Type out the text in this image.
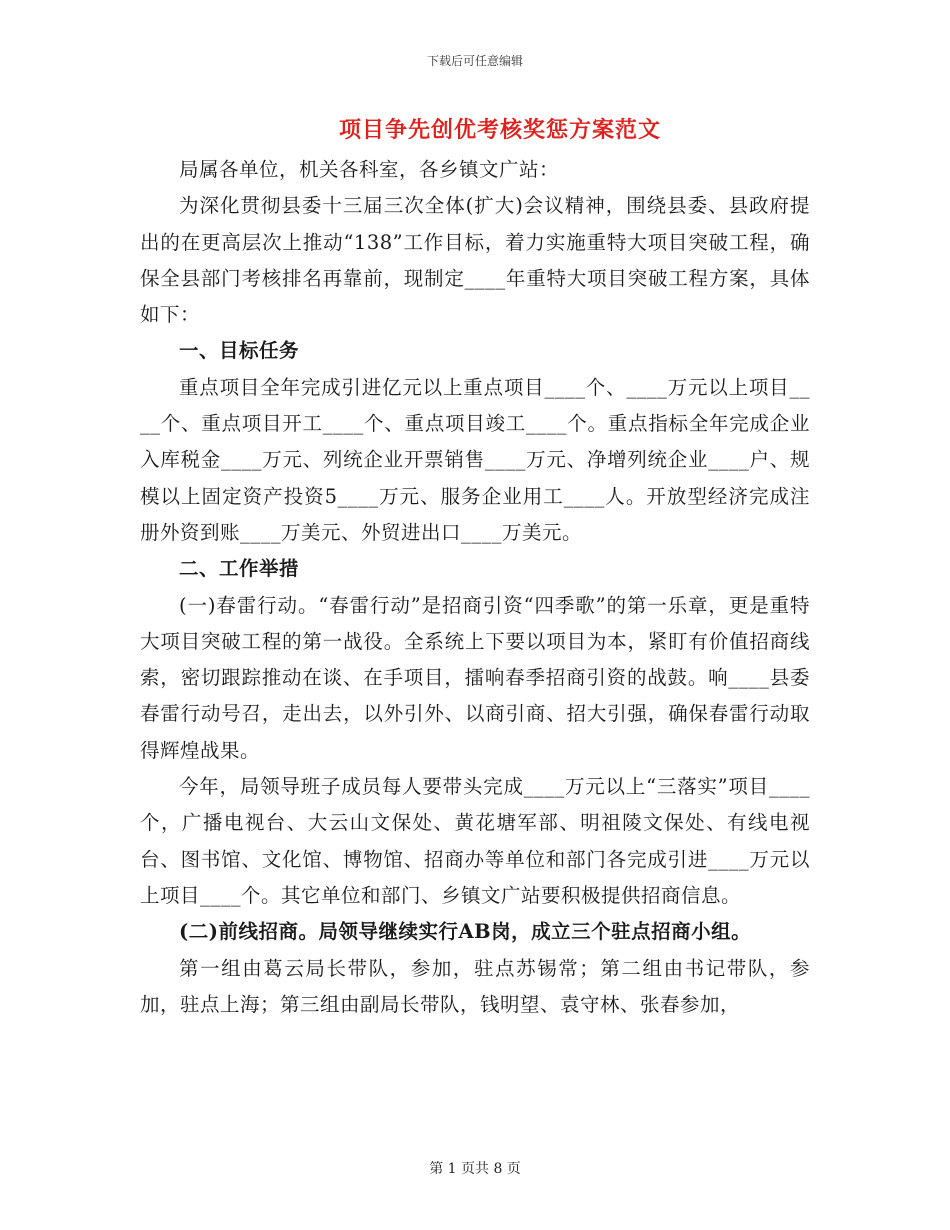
下载后可任意编辑
项目争先创优考核奖惩方案范文

局属各单位，机关各科室，各乡镇文广站：

为深化贯彻县委十三届三次全体(扩大)会议精神，围绕县委、县政府提出的在更高层次上推动“138”工作目标，着力实施重特大项目突破工程，确保全县部门考核排名再靠前，现制定____年重特大项目突破工程方案，具体如下：

一、目标任务

重点项目全年完成引进亿元以上重点项目____个、____万元以上项目____个、重点项目开工____个、重点项目竣工____个。重点指标全年完成企业入库税金____万元、列统企业开票销售____万元、净增列统企业____户、规模以上固定资产投资5____万元、服务企业用工____人。开放型经济完成注册外资到账____万美元、外贸进出口____万美元。

二、工作举措

(一)春雷行动。“春雷行动”是招商引资“四季歌”的第一乐章，更是重特大项目突破工程的第一战役。全系统上下要以项目为本，紧盯有价值招商线索，密切跟踪推动在谈、在手项目，擂响春季招商引资的战鼓。响____县委春雷行动号召，走出去，以外引外、以商引商、招大引强，确保春雷行动取得辉煌战果。

今年，局领导班子成员每人要带头完成____万元以上“三落实”项目____个，广播电视台、大云山文保处、黄花塘军部、明祖陵文保处、有线电视台、图书馆、文化馆、博物馆、招商办等单位和部门各完成引进____万元以上项目____个。其它单位和部门、乡镇文广站要积极提供招商信息。

(二)前线招商。局领导继续实行AB岗，成立三个驻点招商小组。

第一组由葛云局长带队，参加，驻点苏锡常；第二组由书记带队，参加，驻点上海；第三组由副局长带队，钱明望、袁守林、张春参加，

第 1 页共 8 页
